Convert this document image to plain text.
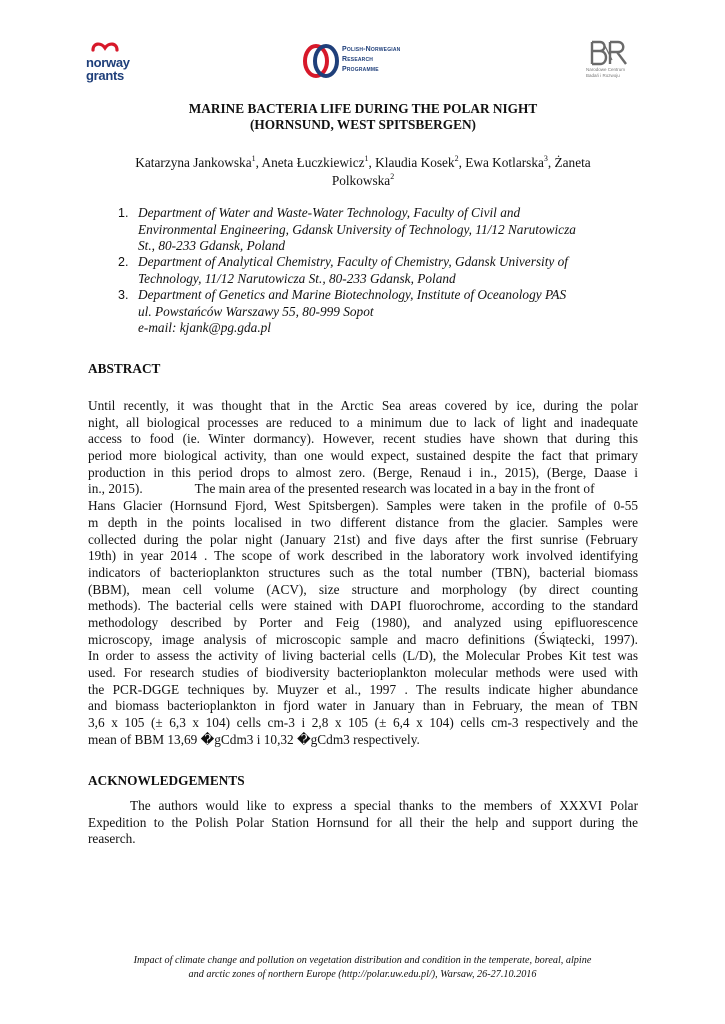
norway
grants
Polish-Norwegian
Research
Programme	Narodowe Centrum
Badań i Rozwoju
MARINE BACTERIA LIFE DURING THE POLAR NIGHT
(HORNSUND, WEST SPITSBERGEN)
Katarzyna Jankowska$^1$, Aneta Łuczkiewicz$^1$, Klaudia Kosek$^2$, Ewa Kotlarska$^3$, Żaneta
Polkowska$^2$
1. Department of Water and Waste-Water Technology, Faculty of Civil and
Environmental Engineering, Gdansk University of Technology, 11/12 Narutowicza
St., 80-233 Gdansk, Poland
2. Department of Analytical Chemistry, Faculty of Chemistry, Gdansk University of
Technology, 11/12 Narutowicza St., 80-233 Gdansk, Poland
3. Department of Genetics and Marine Biotechnology, Institute of Oceanology PAS
ul. Powstańców Warszawy 55, 80-999 Sopot
e-mail: kjank@pg.gda.pl
ABSTRACT
Until recently, it was thought that in the Arctic Sea areas covered by ice, during the polar
night, all biological processes are reduced to a minimum due to lack of light and inadequate
access to food (ie. Winter dormancy). However, recent studies have shown that during this
period more biological activity, than one would expect, sustained despite the fact that primary
production in this period drops to almost zero. (Berge, Renaud i in., 2015), (Berge, Daase i
in., 2015).	The main area of the presented research was located in a bay in the front of
Hans Glacier (Hornsund Fjord, West Spitsbergen). Samples were taken in the profile of 0-55
m depth in the points localised in two different distance from the glacier. Samples were
collected during the polar night (January 21st) and five days after the first sunrise (February
19th) in year 2014 . The scope of work described in the laboratory work involved identifying
indicators of bacterioplankton structures such as the total number (TBN), bacterial biomass
(BBM), mean cell volume (ACV), size structure and morphology (by direct counting
methods). The bacterial cells were stained with DAPI fluorochrome, according to the standard
methodology described by Porter and Feig (1980), and analyzed using epifluorescence
microscopy, image analysis of microscopic sample and macro definitions (Świątecki, 1997).
In order to assess the activity of living bacterial cells (L/D), the Molecular Probes Kit test was
used. For research studies of biodiversity bacterioplankton molecular methods were used with
the PCR-DGGE techniques by. Muyzer et al., 1997 . The results indicate higher abundance
and biomass bacterioplankton in fjord water in January than in February, the mean of TBN
3,6 x 105 (± 6,3 x 104) cells cm-3 i 2,8 x 105 (± 6,4 x 104) cells cm-3 respectively and the
mean of BBM 13,69 �gCdm3 i 10,32 �gCdm3 respectively.
ACKNOWLEDGEMENTS
The authors would like to express a special thanks to the members of XXXVI Polar
Expedition to the Polish Polar Station Hornsund for all their the help and support during the
reaserch.
Impact of climate change and pollution on vegetation distribution and condition in the temperate, boreal, alpine
and arctic zones of northern Europe (http://polar.uw.edu.pl/), Warsaw, 26-27.10.2016
